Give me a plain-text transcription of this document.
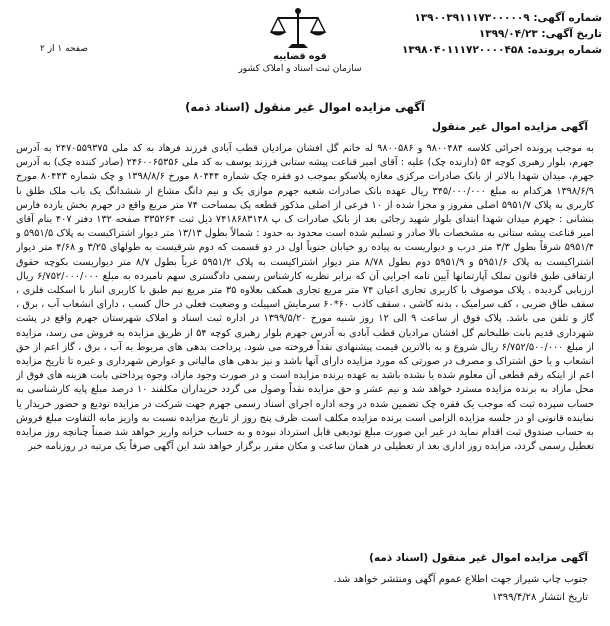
شماره آگهی: ۱۳۹۰۰۳۹۱۱۱۷۳۰۰۰۰۰۹
تاریخ آگهی: ۱۳۹۹/۰۴/۲۳
شماره پرونده: ۱۳۹۸۰۴۰۱۱۱۷۲۰۰۰۰۴۵۸
قوه قضاییه
سازمان ثبت اسناد و املاک کشور
صفحه ۱ از ۲
آگهی مزایده اموال غیر منقول (اسناد ذمه)
آگهی مزایده اموال غیر منقول
به موجب پرونده اجرائی کلاسه ۹۸۰۰۴۸۴ و ۹۸۰۰۵۸۶ له خانم گل افشان مرادیان قطب آبادی فرزند فرهاد به کد ملی ۲۴۷۰۵۵۹۳۷۵ به آدرس جهرم، بلوار رهبری کوچه ۵۴ (دارنده چک) علیه : آقای امیر قناعت پیشه ستانی فرزند یوسف به کد ملی ۲۴۶۰۰۶۵۳۵۶ (صادر کننده چک) به آدرس جهرم، میدان شهدا بالاتر از بانک صادرات مرکزی مغازه پلاسکو بموجب دو فقره چک شماره ۸۰۴۴۴ مورخ ۱۳۹۸/۸/۶ و چک شماره ۸۰۴۴۳ مورخ ۱۳۹۸/۶/۹ هرکدام به مبلغ ۳۴۵/۰۰۰/۰۰۰ ریال عهده بانک صادرات شعبه جهرم موازی یک و نیم دانگ مشاع از ششدانگ یک باب ملک طلق با کاربری به پلاک ۵۹۵۱/۷ اصلی مفروز و مجزا شده از ۱۰ فرعی از اصلی مذکور قطعه یک بمساحت ۷۴ متر مربع واقع در جهرم بخش یازده فارس بنشانی : جهرم میدان شهدا ابتدای بلوار شهید رجائی بعد از بانک صادرات ک پ ۷۴۱۸۶۸۳۱۴۸ ذیل ثبت ۳۳۵۲۶۴ صفحه ۱۳۲ دفتر ۴۰۷ بنام آقای امیر قناعت پیشه ستانی به مشخصات بالا صادر و تسلیم شده است محدود به حدود : شمالاً بطول ۱۳/۱۳ متر دیوار اشتراکیست به پلاک ۵۹۵۱/۵ و ۵۹۵۱/۴ شرقاً بطول ۳/۳ متر درب و دیواریست به پیاده رو خیابان جنوباً اول در دو قسمت که دوم شرقیست به طولهای ۳/۲۵ و ۴/۶۸ متر دیوار اشتراکیست به پلاک ۵۹۵۱/۶ و ۵۹۵۱/۹ دوم بطول ۸/۷۸ متر دیوار اشتراکیست به پلاک ۵۹۵۱/۲ غرباً بطول ۸/۷ متر دیواریست بکوچه حقوق ارتفاقی طبق قانون تملک آپارتمانها آیین نامه اجرایی آن که برابر نظریه کارشناس رسمی دادگستری سهم نامبرده به مبلغ ۶/۷۵۲/۰۰۰/۰۰۰ ریال ارزیابی گردیده . پلاک موصوف با کاربری تجاری اعیان ۷۴ متر مربع تجاری همکف بعلاوه ۳۵ متر مربع نیم طبق با کاربری انبار با اسکلت فلزی ، سقف طاق ضربی ، کف سرامیک ، بدنه کاشی ، سقف کاذب ۶۰*۶۰ سرمایش اسپیلت و وضعیت فعلی در حال کسب ، دارای انشعاب آب ، برق ، گاز و تلفن می باشد. پلاک فوق از ساعت ۹ الی ۱۲ روز شنبه مورخ ۱۳۹۹/۵/۲۰ در اداره ثبت اسناد و املاک شهرستان جهرم واقع در پشت شهرداری قدیم بابت طلبخانم گل افشان مرادیان قطب آبادی به آدرس جهرم بلوار رهبری کوچه ۵۴ از طریق مزایده به فروش می رسد، مزایده از مبلغ ۶/۷۵۲/۵۰۰/۰۰۰ ریال شروع و به بالاترین قیمت پیشنهادی نقداً فروخته می شود. پرداخت بدهی های مربوط به آب ، برق ، گاز اعم از حق انشعاب و یا حق اشتراک و مصرف در صورتی که مورد مزایده دارای آنها باشد و نیز بدهی های مالیاتی و عوارض شهرداری و غیره تا تاریخ مزایده اعم از اینکه رقم قطعی آن معلوم شده یا نشده باشد به عهده برنده مزایده است و در صورت وجود مازاد، وجوه پرداختی بابت هزینه های فوق از محل مازاد به برنده مزایده مسترد خواهد شد و نیم عشر و حق مزایده نقداً وصول می گردد خریداران مکلفند ۱۰ درصد مبلغ پایه کارشناسی به حساب سپرده ثبت که موجب یک فقره چک تضمین شده در وجه اداره اجرای اسناد رسمی جهرم جهت شرکت در مزایده تودیع و حضور خریدار یا نماینده قانونی او در جلسه مزایده الزامی است برنده مزایده مکلف است ظرف پنج روز از تاریخ مزایده نسبت به واریز مابه التفاوت مبلغ فروش به حساب صندوق ثبت اقدام نماید در غیر این صورت مبلغ تودیعی قابل استرداد نبوده و به حساب خزانه واریز خواهد شد ضمناً چنانچه روز مزایده تعطیل رسمی گردد، مزایده روز اداری بعد از تعطیلی در همان ساعت و مکان مقرر برگزار خواهد شد این آگهی صرفاً یک مرتبه در روزنامه خبر
آگهی مزایده اموال غیر منقول (اسناد ذمه)
جنوب چاپ شیراز جهت اطلاع عموم آگهی ومنتشر خواهد شد.
تاریخ انتشار ۱۳۹۹/۴/۲۸
